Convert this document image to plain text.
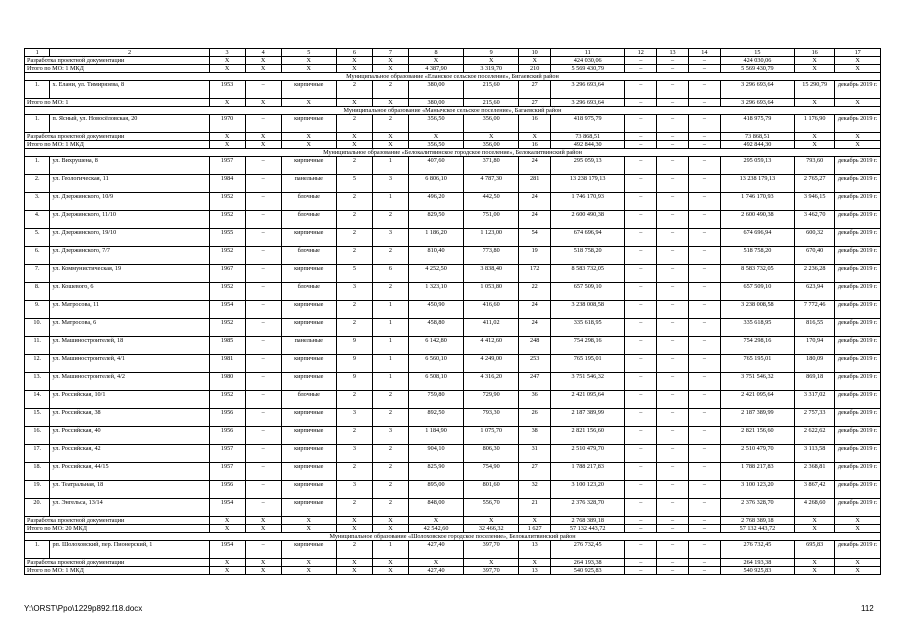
1	2	3	4	5	6	7	8	9	10	11	12	13	14	15	16	17
Разработка проектной документации		X	X	X	X	X	X	X	X	424 030,06	–	–	–	424 030,06	X	X
Итого по МО: 1 МКД		X	X	X	X	X	4 387,90	3 319,70	210	5 569 430,79	–	–	–	5 569 430,79	X	X
Муниципальное образование «Еланское сельское поселение», Бигаевский район																
1.	х. Елани, ул. Тимирязева, 8	1953	–	кирпичные	2	2	380,00	215,60	27	3 296 693,64	–	–	–	3 296 693,64	15 290,79	декабрь 2019 г.
Итого по МО: 1		X	X	X	X	X	380,00	215,60	27	3 296 693,64	–	–	–	3 296 693,64	X	X
Муниципальное образование «Манычское сельское поселение», Багаевский район																
1.	п. Ясный, ул. Новосёловская, 20	1970	–	кирпичные	2	2	356,50	356,00	16	418 975,79	–	–	–	418 975,79	1 176,90	декабрь 2019 г.
Разработка проектной документации		X	X	X	X	X	X	X	X	73 868,51	–	–	–	73 868,51	X	X
Итого по МО: 1 МКД		X	X	X	X	X	356,50	356,00	16	492 844,30	–	–	–	492 844,30	X	X
Муниципальное образование «Белокалитвинское городское поселение», Белокалитвинский район																
1.	ул. Вихрушена, 8	1957	–	кирпичные	2	1	407,60	371,80	24	295 059,13	–	–	–	295 059,13	793,60	декабрь 2019 г.
2.	ул. Геологическая, 11	1984	–	панельные	5	3	6 806,10	4 787,30	281	13 238 179,13	–	–	–	13 238 179,13	2 765,27	декабрь 2019 г.
3.	ул. Дзержинского, 10/9	1952	–	блочные	2	1	496,20	442,50	24	1 746 170,93	–	–	–	1 746 170,93	3 946,15	декабрь 2019 г.
4.	ул. Дзержинского, 11/10	1952	–	блочные	2	2	829,50	751,00	24	2 600 490,38	–	–	–	2 600 490,38	3 462,70	декабрь 2019 г.
5.	ул. Дзержинского, 19/10	1955	–	кирпичные	2	3	1 186,20	1 123,00	54	674 696,94	–	–	–	674 696,94	600,32	декабрь 2019 г.
6.	ул. Дзержинского, 7/7	1952	–	блочные	2	2	810,40	773,80	19	518 758,20	–	–	–	518 758,20	670,40	декабрь 2019 г.
7.	ул. Коммунистическая, 19	1967	–	кирпичные	5	6	4 252,50	3 838,40	172	8 583 732,05	–	–	–	8 583 732,05	2 236,28	декабрь 2019 г.
8.	ул. Кошевого, 6	1952	–	блочные	3	2	1 323,10	1 053,80	22	657 509,10	–	–	–	657 509,10	623,94	декабрь 2019 г.
9.	ул. Матросова, 11	1954	–	кирпичные	2	1	450,90	416,60	24	3 238 008,58	–	–	–	3 238 008,58	7 772,46	декабрь 2019 г.
10.	ул. Матросова, 6	1952	–	кирпичные	2	1	458,80	411,02	24	335 618,95	–	–	–	335 618,95	816,55	декабрь 2019 г.
11.	ул. Машиностроителей, 18	1985	–	панельные	9	1	6 142,80	4 412,60	248	754 298,16	–	–	–	754 298,16	170,94	декабрь 2019 г.
12.	ул. Машиностроителей, 4/1	1981	–	кирпичные	9	1	6 560,10	4 249,00	253	765 195,01	–	–	–	765 195,01	180,09	декабрь 2019 г.
13.	ул. Машиностроителей, 4/2	1980	–	кирпичные	9	1	6 508,10	4 316,20	247	3 751 546,32	–	–	–	3 751 546,32	869,18	декабрь 2019 г.
14.	ул. Российская, 10/1	1952	–	блочные	2	2	759,80	729,90	36	2 421 095,64	–	–	–	2 421 095,64	3 317,02	декабрь 2019 г.
15.	ул. Российская, 38	1956	–	кирпичные	3	2	892,50	793,30	26	2 187 389,99	–	–	–	2 187 389,99	2 757,33	декабрь 2019 г.
16.	ул. Российская, 40	1956	–	кирпичные	2	3	1 184,90	1 075,70	38	2 821 156,60	–	–	–	2 821 156,60	2 622,62	декабрь 2019 г.
17.	ул. Российская, 42	1957	–	кирпичные	3	2	904,10	806,30	31	2 510 479,70	–	–	–	2 510 479,70	3 113,58	декабрь 2019 г.
18.	ул. Российская, 44/15	1957	–	кирпичные	2	2	825,90	754,90	27	1 788 217,83	–	–	–	1 788 217,83	2 368,81	декабрь 2019 г.
19.	ул. Театральная, 18	1956	–	кирпичные	3	2	895,00	801,60	32	3 100 123,20	–	–	–	3 100 123,20	3 867,42	декабрь 2019 г.
20.	ул. Энгельса, 13/14	1954	–	кирпичные	2	2	848,00	556,70	21	2 376 328,70	–	–	–	2 376 328,70	4 268,60	декабрь 2019 г.
Разработка проектной документации		X	X	X	X	X	X	X	X	2 768 389,18	–	–	–	2 768 389,18	X	X
Итого по МО: 20 МКД		X	X	X	X	X	42 542,60	32 466,32	1 627	57 132 443,72	–	–	–	57 132 443,72	X	X
Муниципальное образование «Шолоховское городское поселение», Белокалитвинский район																
1.	рп. Шолоховский, пер. Пионерский, 1	1954	–	кирпичные	2	1	427,40	397,70	13	276 732,45	–	–	–	276 732,45	695,83	декабрь 2019 г.
Разработка проектной документации		X	X	X	X	X	X	X	X	264 193,38	–	–	–	264 193,38	X	X
Итого по МО: 1 МКД		X	X	X	X	X	427,40	397,70	13	540 925,83	–	–	–	540 925,83	X	X
Y:\ORST\Ppo\1229p892.f18.docx	112
